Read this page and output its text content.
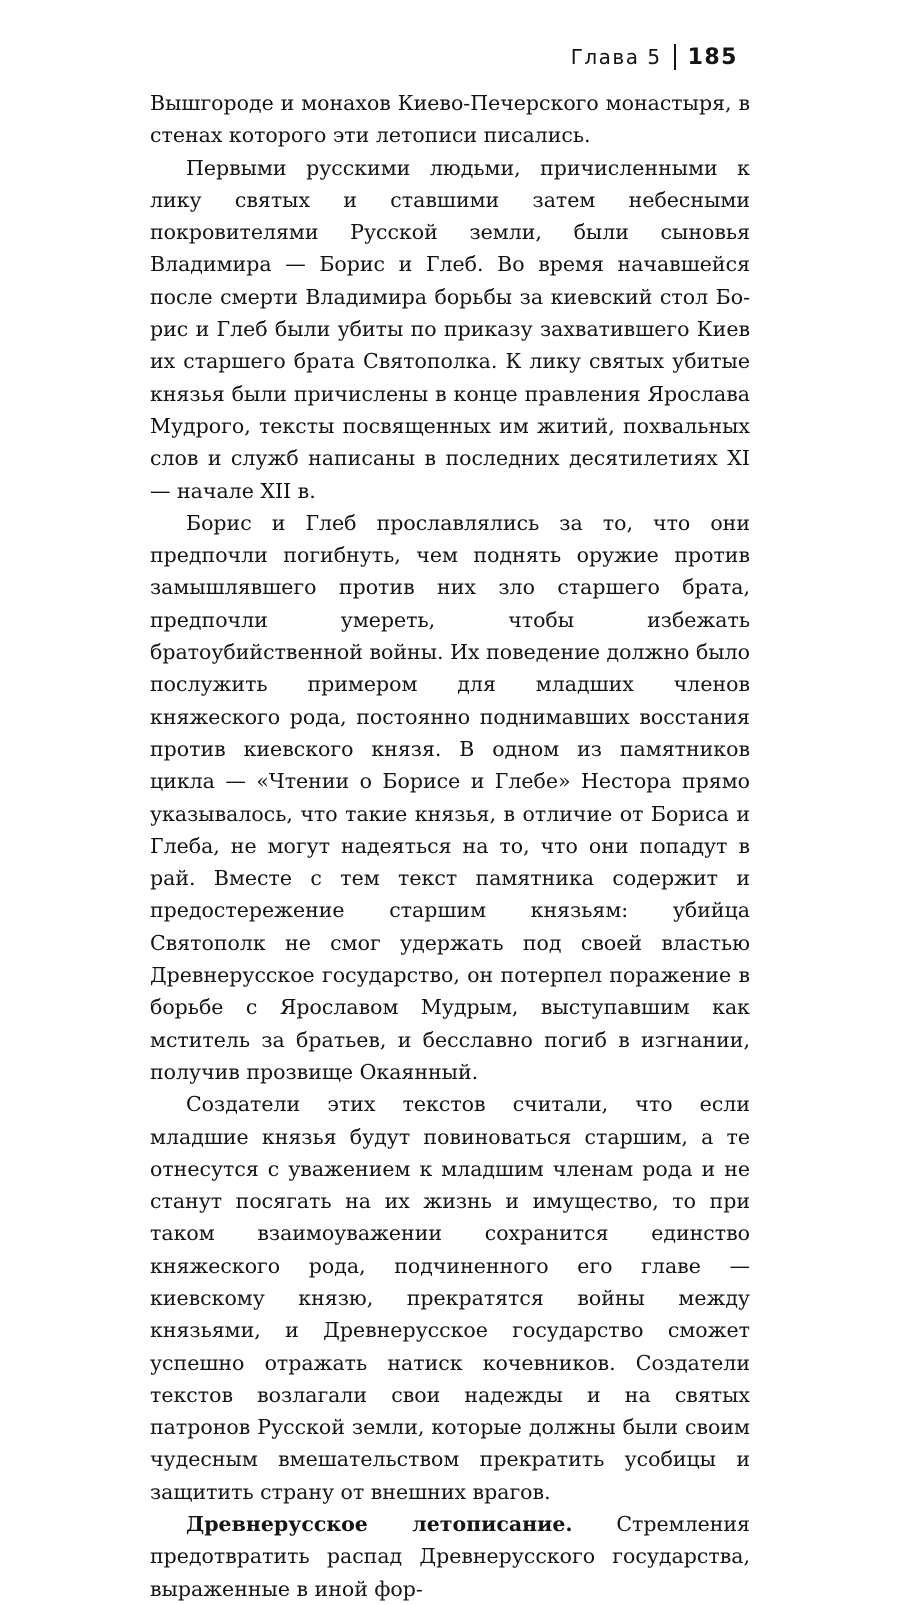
Глава 5 185

Вышгороде и монахов Киево-Печерского монастыря, в стенах которого эти летописи писались.

Первыми русскими людьми, причисленными к лику святых и ставшими затем небесными покровителями Русской земли, были сыновья Владимира — Борис и Глеб. Во время начавшейся после смерти Владимира борьбы за киевский стол Борис и Глеб были убиты по приказу захватившего Киев их старшего брата Святополка. К лику святых убитые князья были причислены в конце правления Ярослава Мудрого, тексты посвященных им житий, похвальных слов и служб написаны в последних десятилетиях XI — начале XII в.

Борис и Глеб прославлялись за то, что они предпочли погибнуть, чем поднять оружие против замышлявшего против них зло старшего брата, предпочли умереть, чтобы избежать братоубийственной войны. Их поведение должно было послужить примером для младших членов княжеского рода, постоянно поднимавших восстания против киевского князя. В одном из памятников цикла — «Чтении о Борисе и Глебе» Нестора прямо указывалось, что такие князья, в отличие от Бориса и Глеба, не могут надеяться на то, что они попадут в рай. Вместе с тем текст памятника содержит и предостережение старшим князьям: убийца Святополк не смог удержать под своей властью Древнерусское государство, он потерпел поражение в борьбе с Ярославом Мудрым, выступавшим как мститель за братьев, и бесславно погиб в изгнании, получив прозвище Окаянный.

Создатели этих текстов считали, что если младшие князья будут повиноваться старшим, а те отнесутся с уважением к младшим членам рода и не станут посягать на их жизнь и имущество, то при таком взаимоуважении сохранится единство княжеского рода, подчиненного его главе — киевскому князю, прекратятся войны между князьями, и Древнерусское государство сможет успешно отражать натиск кочевников. Создатели текстов возлагали свои надежды и на святых патронов Русской земли, которые должны были своим чудесным вмешательством прекратить усобицы и защитить страну от внешних врагов.

Древнерусское летописание. Стремления предотвратить распад Древнерусского государства, выраженные в иной фор-
